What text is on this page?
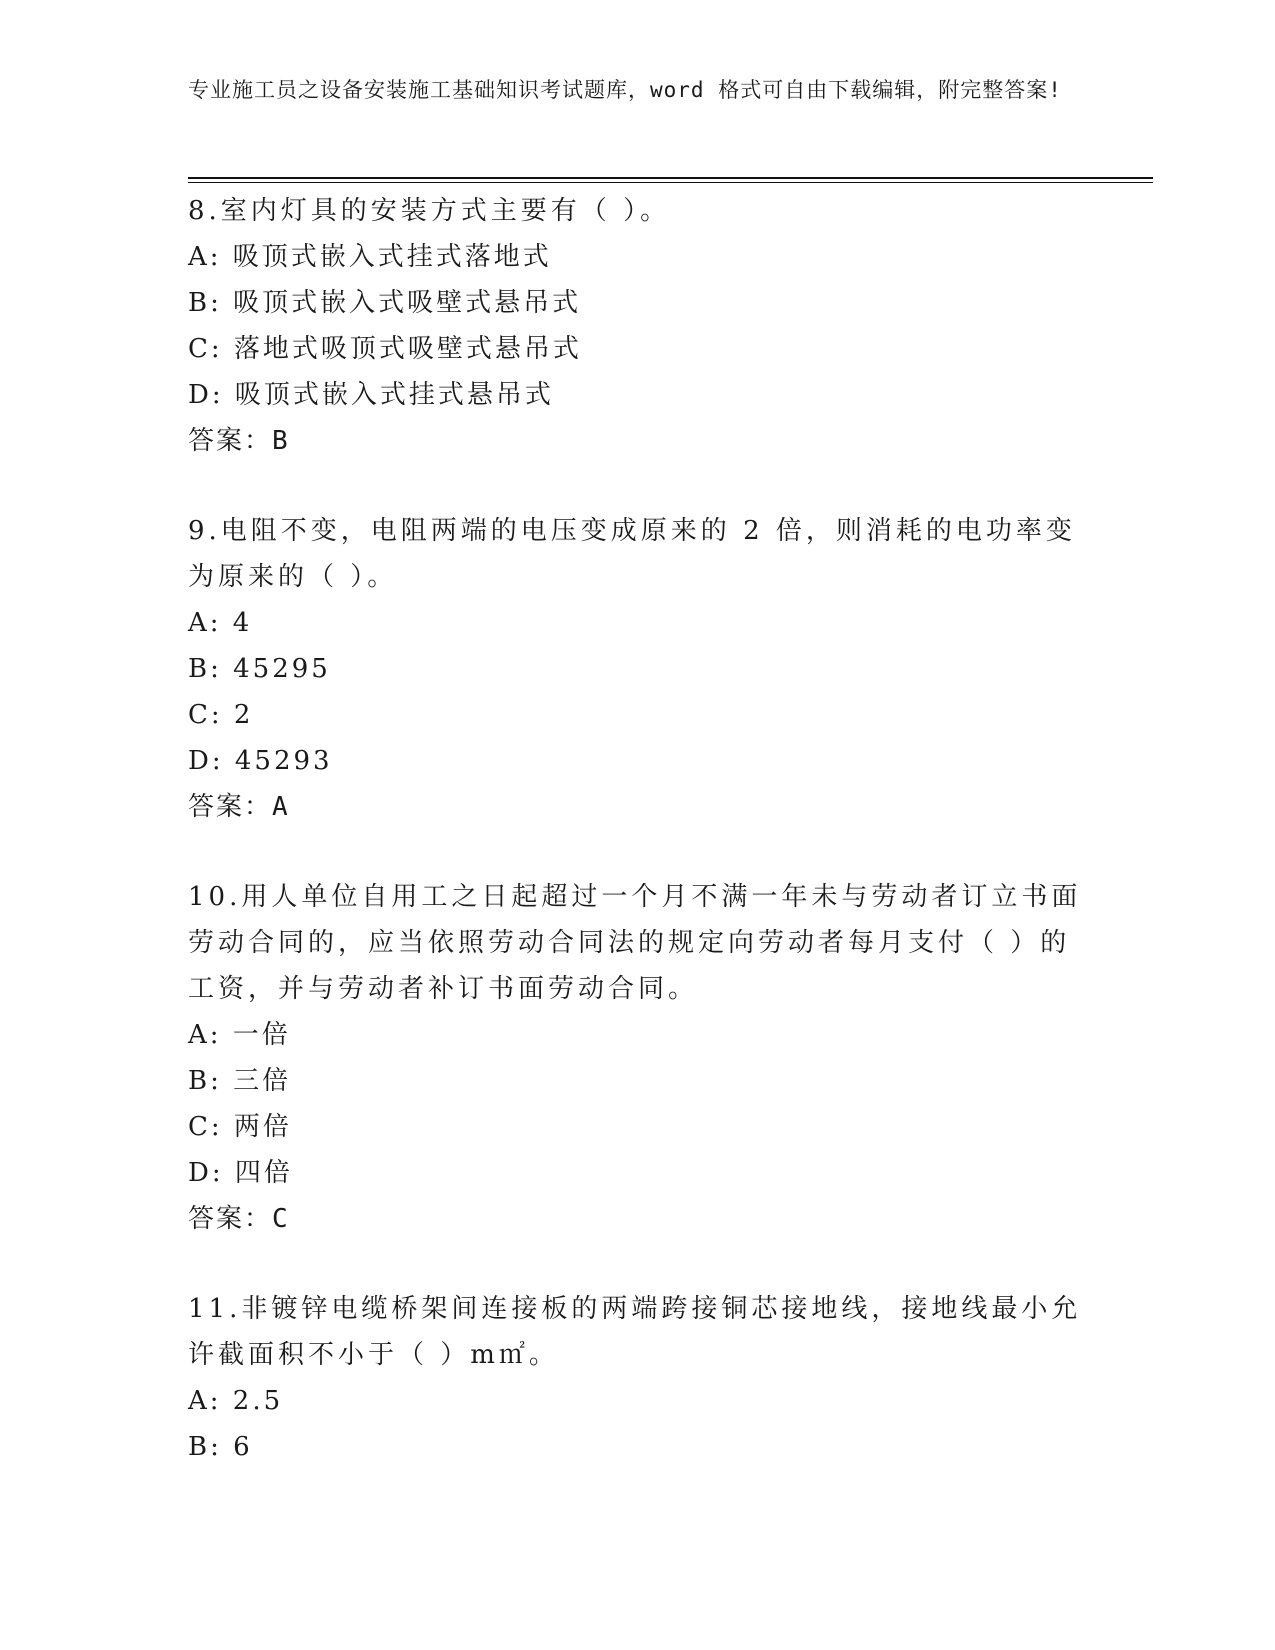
专业施工员之设备安装施工基础知识考试题库，word 格式可自由下载编辑，附完整答案!
8.室内灯具的安装方式主要有（ ）。
A: 吸顶式嵌入式挂式落地式
B: 吸顶式嵌入式吸壁式悬吊式
C: 落地式吸顶式吸壁式悬吊式
D: 吸顶式嵌入式挂式悬吊式
答案：B
9.电阻不变，电阻两端的电压变成原来的 2 倍，则消耗的电功率变为原来的（ ）。
A: 4
B: 45295
C: 2
D: 45293
答案：A
10.用人单位自用工之日起超过一个月不满一年未与劳动者订立书面劳动合同的，应当依照劳动合同法的规定向劳动者每月支付（ ）的工资，并与劳动者补订书面劳动合同。
A: 一倍
B: 三倍
C: 两倍
D: 四倍
答案：C
11.非镀锌电缆桥架间连接板的两端跨接铜芯接地线，接地线最小允许截面积不小于（ ）m㎡。
A: 2.5
B: 6
